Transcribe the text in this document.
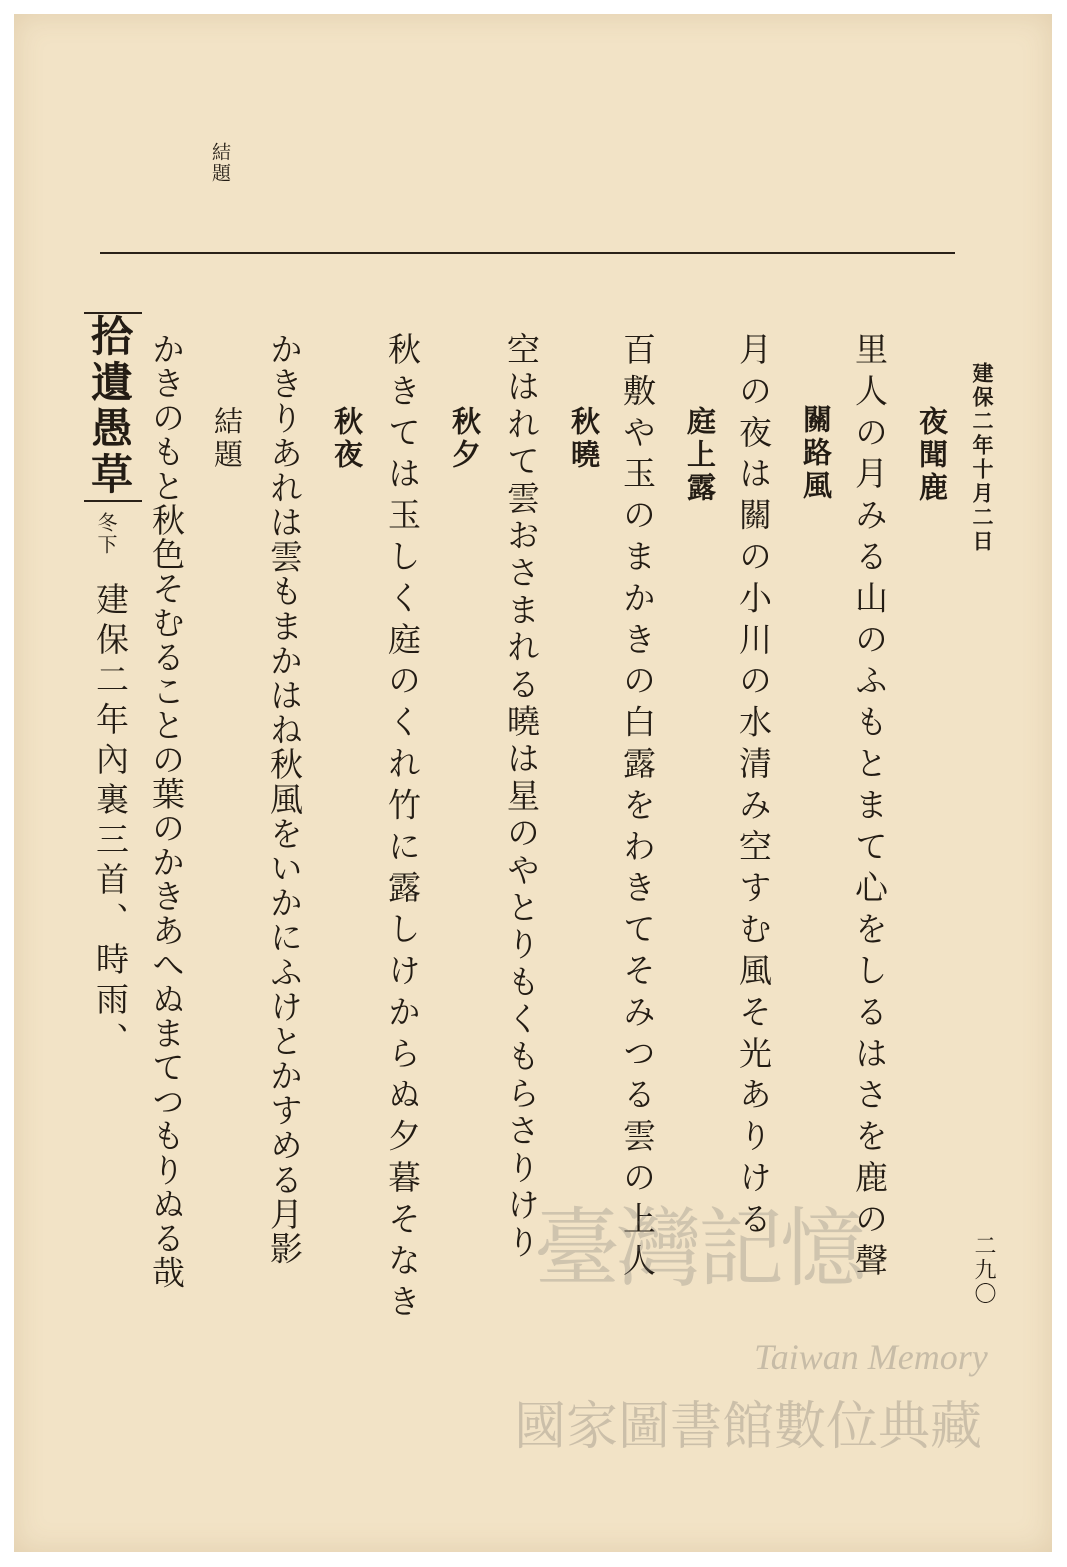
結題
建保二年十月二日
二九〇
夜聞鹿
里人の月みる山のふもとまて心をしるはさを鹿の聲
關路風
月の夜は關の小川の水清み空すむ風そ光ありける
庭上露
百敷や玉のまかきの白露をわきてそみつる雲の上人
秋曉
空はれて雲おさまれる曉は星のやとりもくもらさりけり
秋夕
秋きては玉しく庭のくれ竹に露しけからぬ夕暮そなき
秋夜
かきりあれは雲もまかはね秋風をいかにふけとかすめる月影
結題
かきのもと秋色そむることの葉のかきあへぬまてつもりぬる哉
拾遺愚草
冬下
建保二年內裏三首、時雨、
臺灣記憶
Taiwan Memory
國家圖書館數位典藏
